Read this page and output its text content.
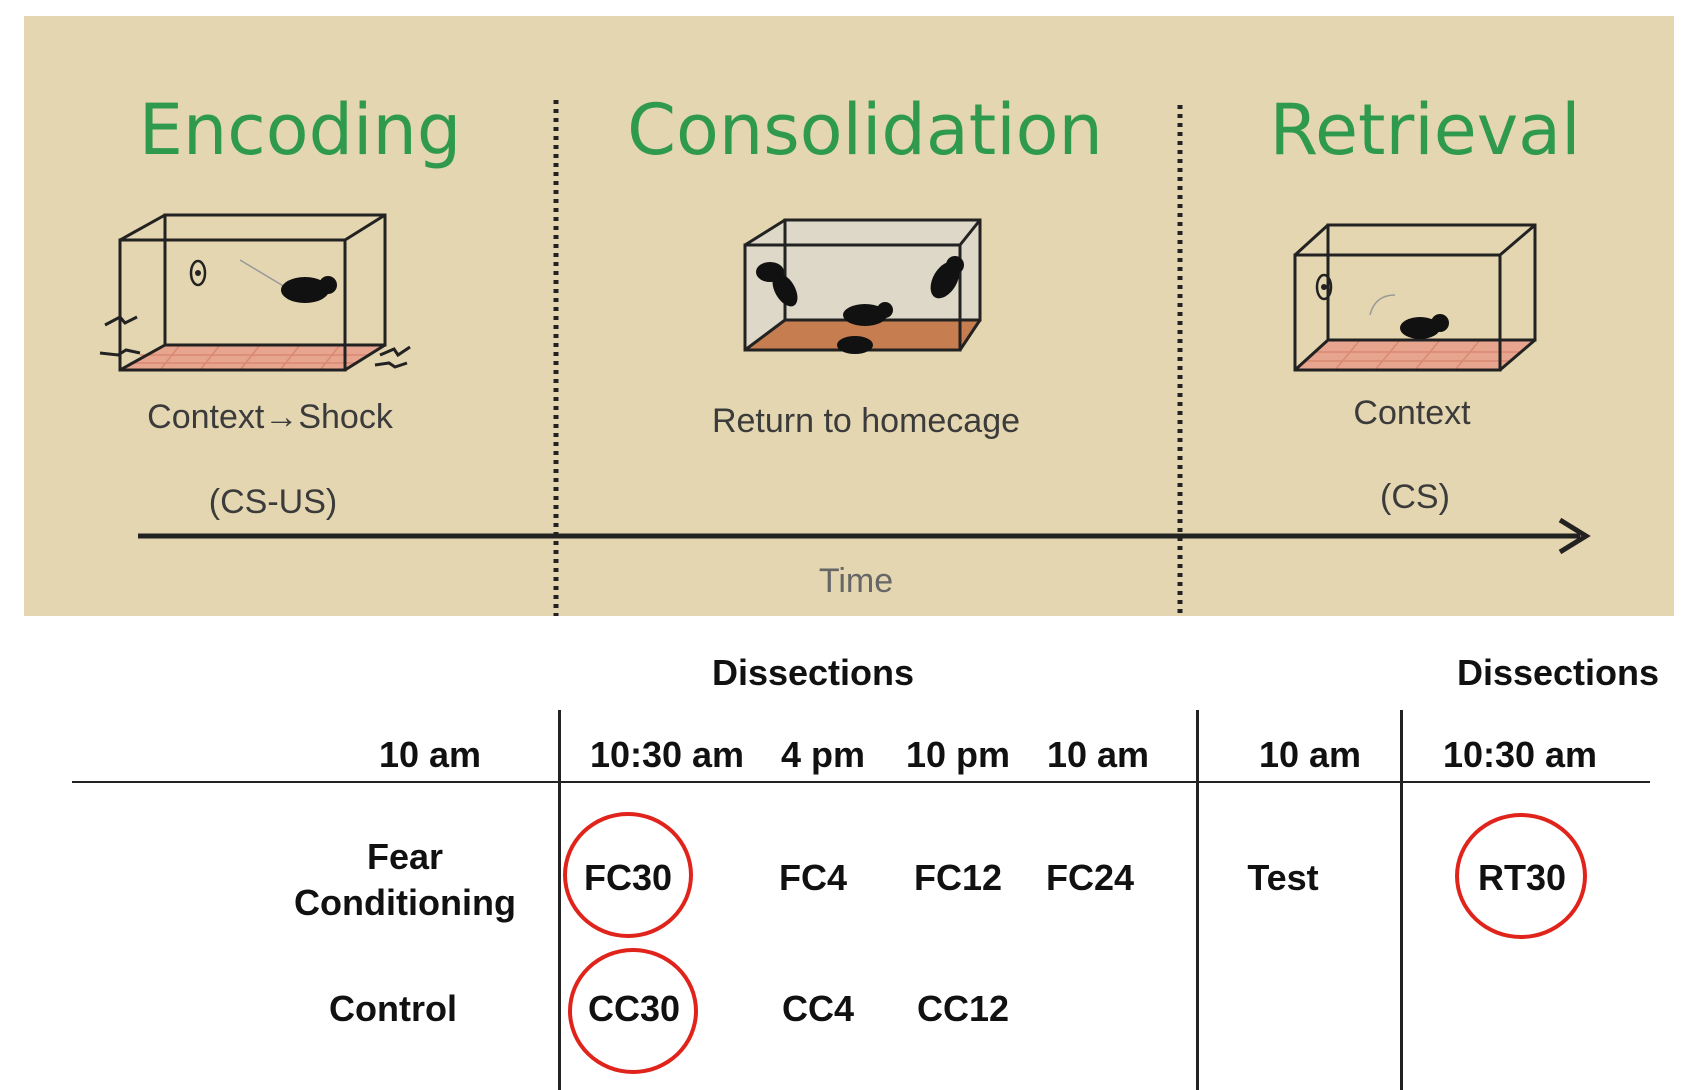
Encoding Consolidation Retrieval
Context→Shock
(CS-US)
Return to homecage	Context
(CS)
Time
Dissections	Dissections
10 am	10:30 am 4 pm 10 pm 10 am	10 am 10:30 am
Fear
Conditioning
Control
FC30	FC4 FC12 FC24	Test	RT30
CC30	CC4 CC12
